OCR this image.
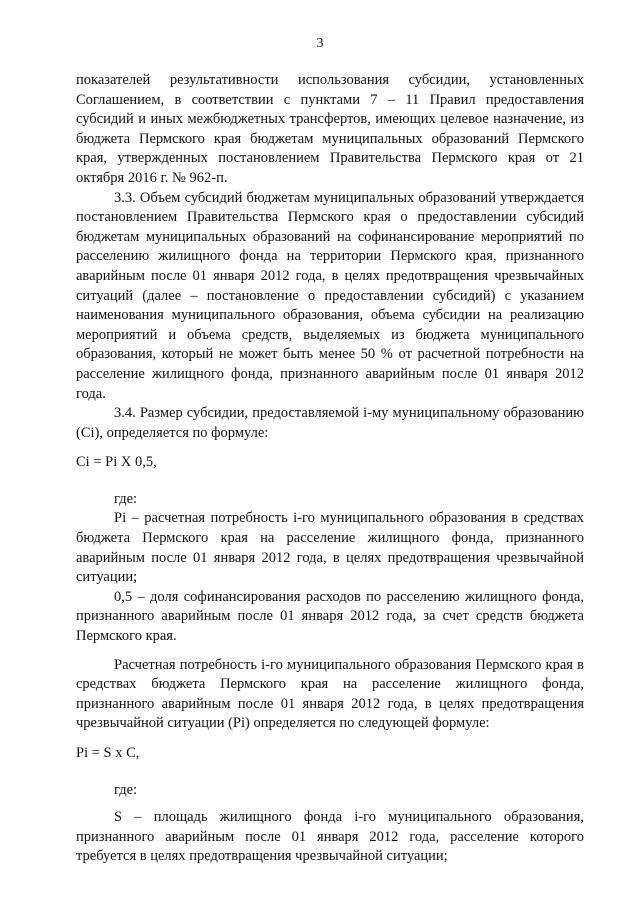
3

показателей результативности использования субсидии, установленных Соглашением, в соответствии с пунктами 7 – 11 Правил предоставления субсидий и иных межбюджетных трансфертов, имеющих целевое назначение, из бюджета Пермского края бюджетам муниципальных образований Пермского края, утвержденных постановлением Правительства Пермского края от 21 октября 2016 г. № 962-п.

3.3. Объем субсидий бюджетам муниципальных образований утверждается постановлением Правительства Пермского края о предоставлении субсидий бюджетам муниципальных образований на софинансирование мероприятий по расселению жилищного фонда на территории Пермского края, признанного аварийным после 01 января 2012 года, в целях предотвращения чрезвычайных ситуаций (далее – постановление о предоставлении субсидий) с указанием наименования муниципального образования, объема субсидии на реализацию мероприятий и объема средств, выделяемых из бюджета муниципального образования, который не может быть менее 50 % от расчетной потребности на расселение жилищного фонда, признанного аварийным после 01 января 2012 года.

3.4. Размер субсидии, предоставляемой i-му муниципальному образованию (Ci), определяется по формуле:

Ci = Pi X 0,5,

где:

Pi – расчетная потребность i-го муниципального образования в средствах бюджета Пермского края на расселение жилищного фонда, признанного аварийным после 01 января 2012 года, в целях предотвращения чрезвычайной ситуации;

0,5 – доля софинансирования расходов по расселению жилищного фонда, признанного аварийным после 01 января 2012 года, за счет средств бюджета Пермского края.

Расчетная потребность i-го муниципального образования Пермского края в средствах бюджета Пермского края на расселение жилищного фонда, признанного аварийным после 01 января 2012 года, в целях предотвращения чрезвычайной ситуации (Pi) определяется по следующей формуле:

Pi = S x C,

где:

S – площадь жилищного фонда i-го муниципального образования, признанного аварийным после 01 января 2012 года, расселение которого требуется в целях предотвращения чрезвычайной ситуации;
